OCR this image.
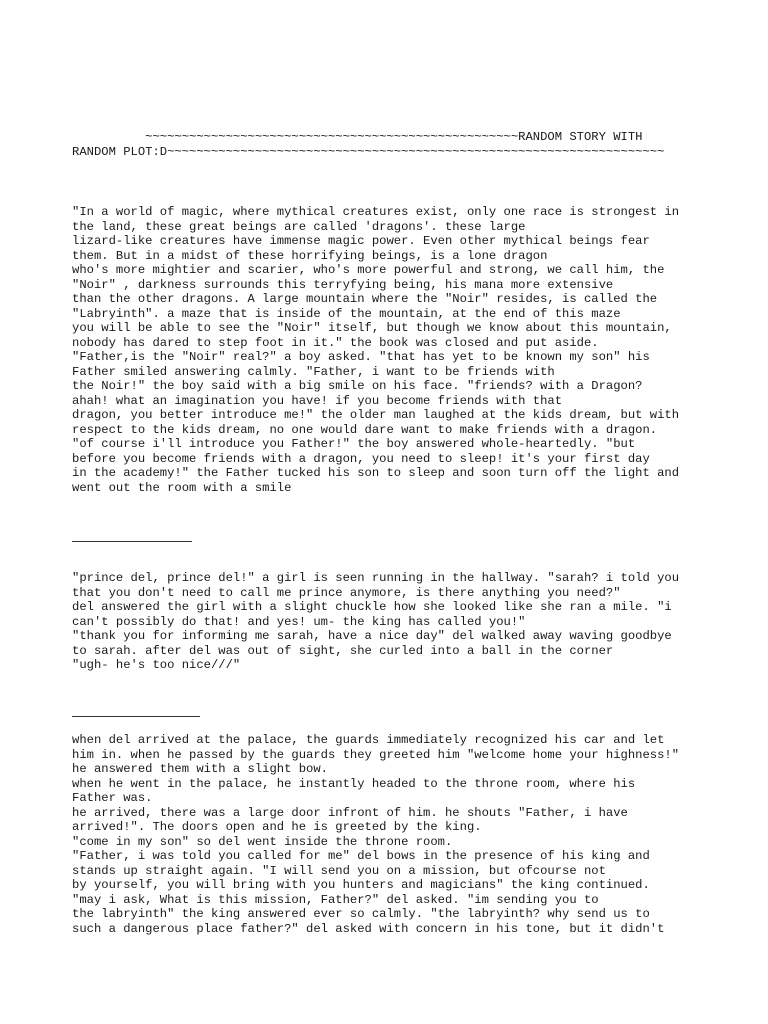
~~~~~~~~~~~~~~~~~~~~~~~~~~~~~~~~~~~~~~~~~~~~~~~~~~~RANDOM STORY WITH
RANDOM PLOT:D~~~~~~~~~~~~~~~~~~~~~~~~~~~~~~~~~~~~~~~~~~~~~~~~~~~~~~~~~~~~~~~~~~~~
"In a world of magic, where mythical creatures exist, only one race is strongest in
the land, these great beings are called 'dragons'. these large
lizard-like creatures have immense magic power. Even other mythical beings fear
them. But in a midst of these horrifying beings, is a lone dragon
who's more mightier and scarier, who's more powerful and strong, we call him, the
"Noir" , darkness surrounds this terryfying being, his mana more extensive
than the other dragons. A large mountain where the "Noir" resides, is called the
"Labryinth". a maze that is inside of the mountain, at the end of this maze
you will be able to see the "Noir" itself, but though we know about this mountain,
nobody has dared to step foot in it." the book was closed and put aside.
"Father,is the "Noir" real?" a boy asked. "that has yet to be known my son" his
Father smiled answering calmly. "Father, i want to be friends with
the Noir!" the boy said with a big smile on his face. "friends? with a Dragon?
ahah! what an imagination you have! if you become friends with that
dragon, you better introduce me!" the older man laughed at the kids dream, but with
respect to the kids dream, no one would dare want to make friends with a dragon.
"of course i'll introduce you Father!" the boy answered whole-heartedly. "but
before you become friends with a dragon, you need to sleep! it's your first day
in the academy!" the Father tucked his son to sleep and soon turn off the light and
went out the room with a smile
"prince del, prince del!" a girl is seen running in the hallway. "sarah? i told you
that you don't need to call me prince anymore, is there anything you need?"
del answered the girl with a slight chuckle how she looked like she ran a mile. "i
can't possibly do that! and yes! um- the king has called you!"
"thank you for informing me sarah, have a nice day" del walked away waving goodbye
to sarah. after del was out of sight, she curled into a ball in the corner
"ugh- he's too nice///"
when del arrived at the palace, the guards immediately recognized his car and let
him in. when he passed by the guards they greeted him "welcome home your highness!"
he answered them with a slight bow.
when he went in the palace, he instantly headed to the throne room, where his
Father was.
he arrived, there was a large door infront of him. he shouts "Father, i have
arrived!". The doors open and he is greeted by the king.
"come in my son" so del went inside the throne room.
"Father, i was told you called for me" del bows in the presence of his king and
stands up straight again. "I will send you on a mission, but ofcourse not
by yourself, you will bring with you hunters and magicians" the king continued.
"may i ask, What is this mission, Father?" del asked. "im sending you to
the labryinth" the king answered ever so calmly. "the labryinth? why send us to
such a dangerous place father?" del asked with concern in his tone, but it didn't
